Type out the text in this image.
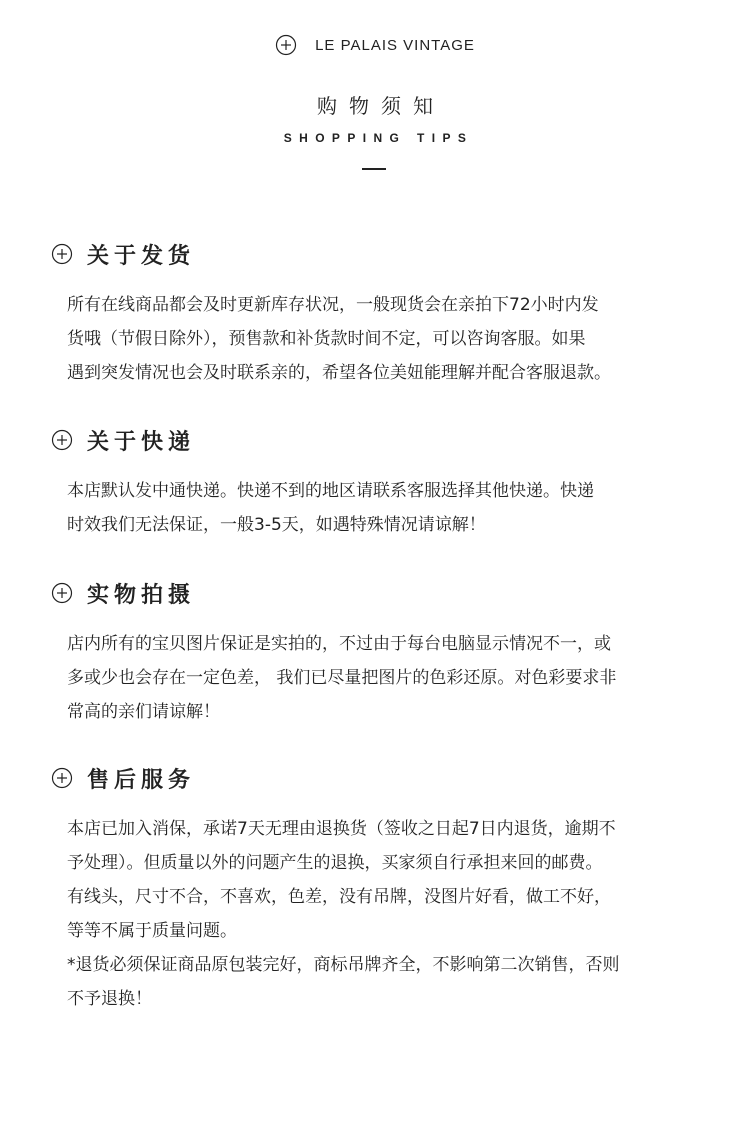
LE PALAIS VINTAGE
购物须知
SHOPPING TIPS
关于发货
所有在线商品都会及时更新库存状况，一般现货会在亲拍下72小时内发
货哦（节假日除外），预售款和补货款时间不定，可以咨询客服。如果
遇到突发情况也会及时联系亲的，希望各位美妞能理解并配合客服退款。
关于快递
本店默认发中通快递。快递不到的地区请联系客服选择其他快递。快递
时效我们无法保证，一般3-5天，如遇特殊情况请谅解！
实物拍摄
店内所有的宝贝图片保证是实拍的，不过由于每台电脑显示情况不一，或
多或少也会存在一定色差， 我们已尽量把图片的色彩还原。对色彩要求非
常高的亲们请谅解！
售后服务
本店已加入消保，承诺7天无理由退换货（签收之日起7日内退货，逾期不
予处理）。但质量以外的问题产生的退换，买家须自行承担来回的邮费。
有线头，尺寸不合，不喜欢，色差，没有吊牌，没图片好看，做工不好，
等等不属于质量问题。
*退货必须保证商品原包装完好，商标吊牌齐全，不影响第二次销售，否则
不予退换！
